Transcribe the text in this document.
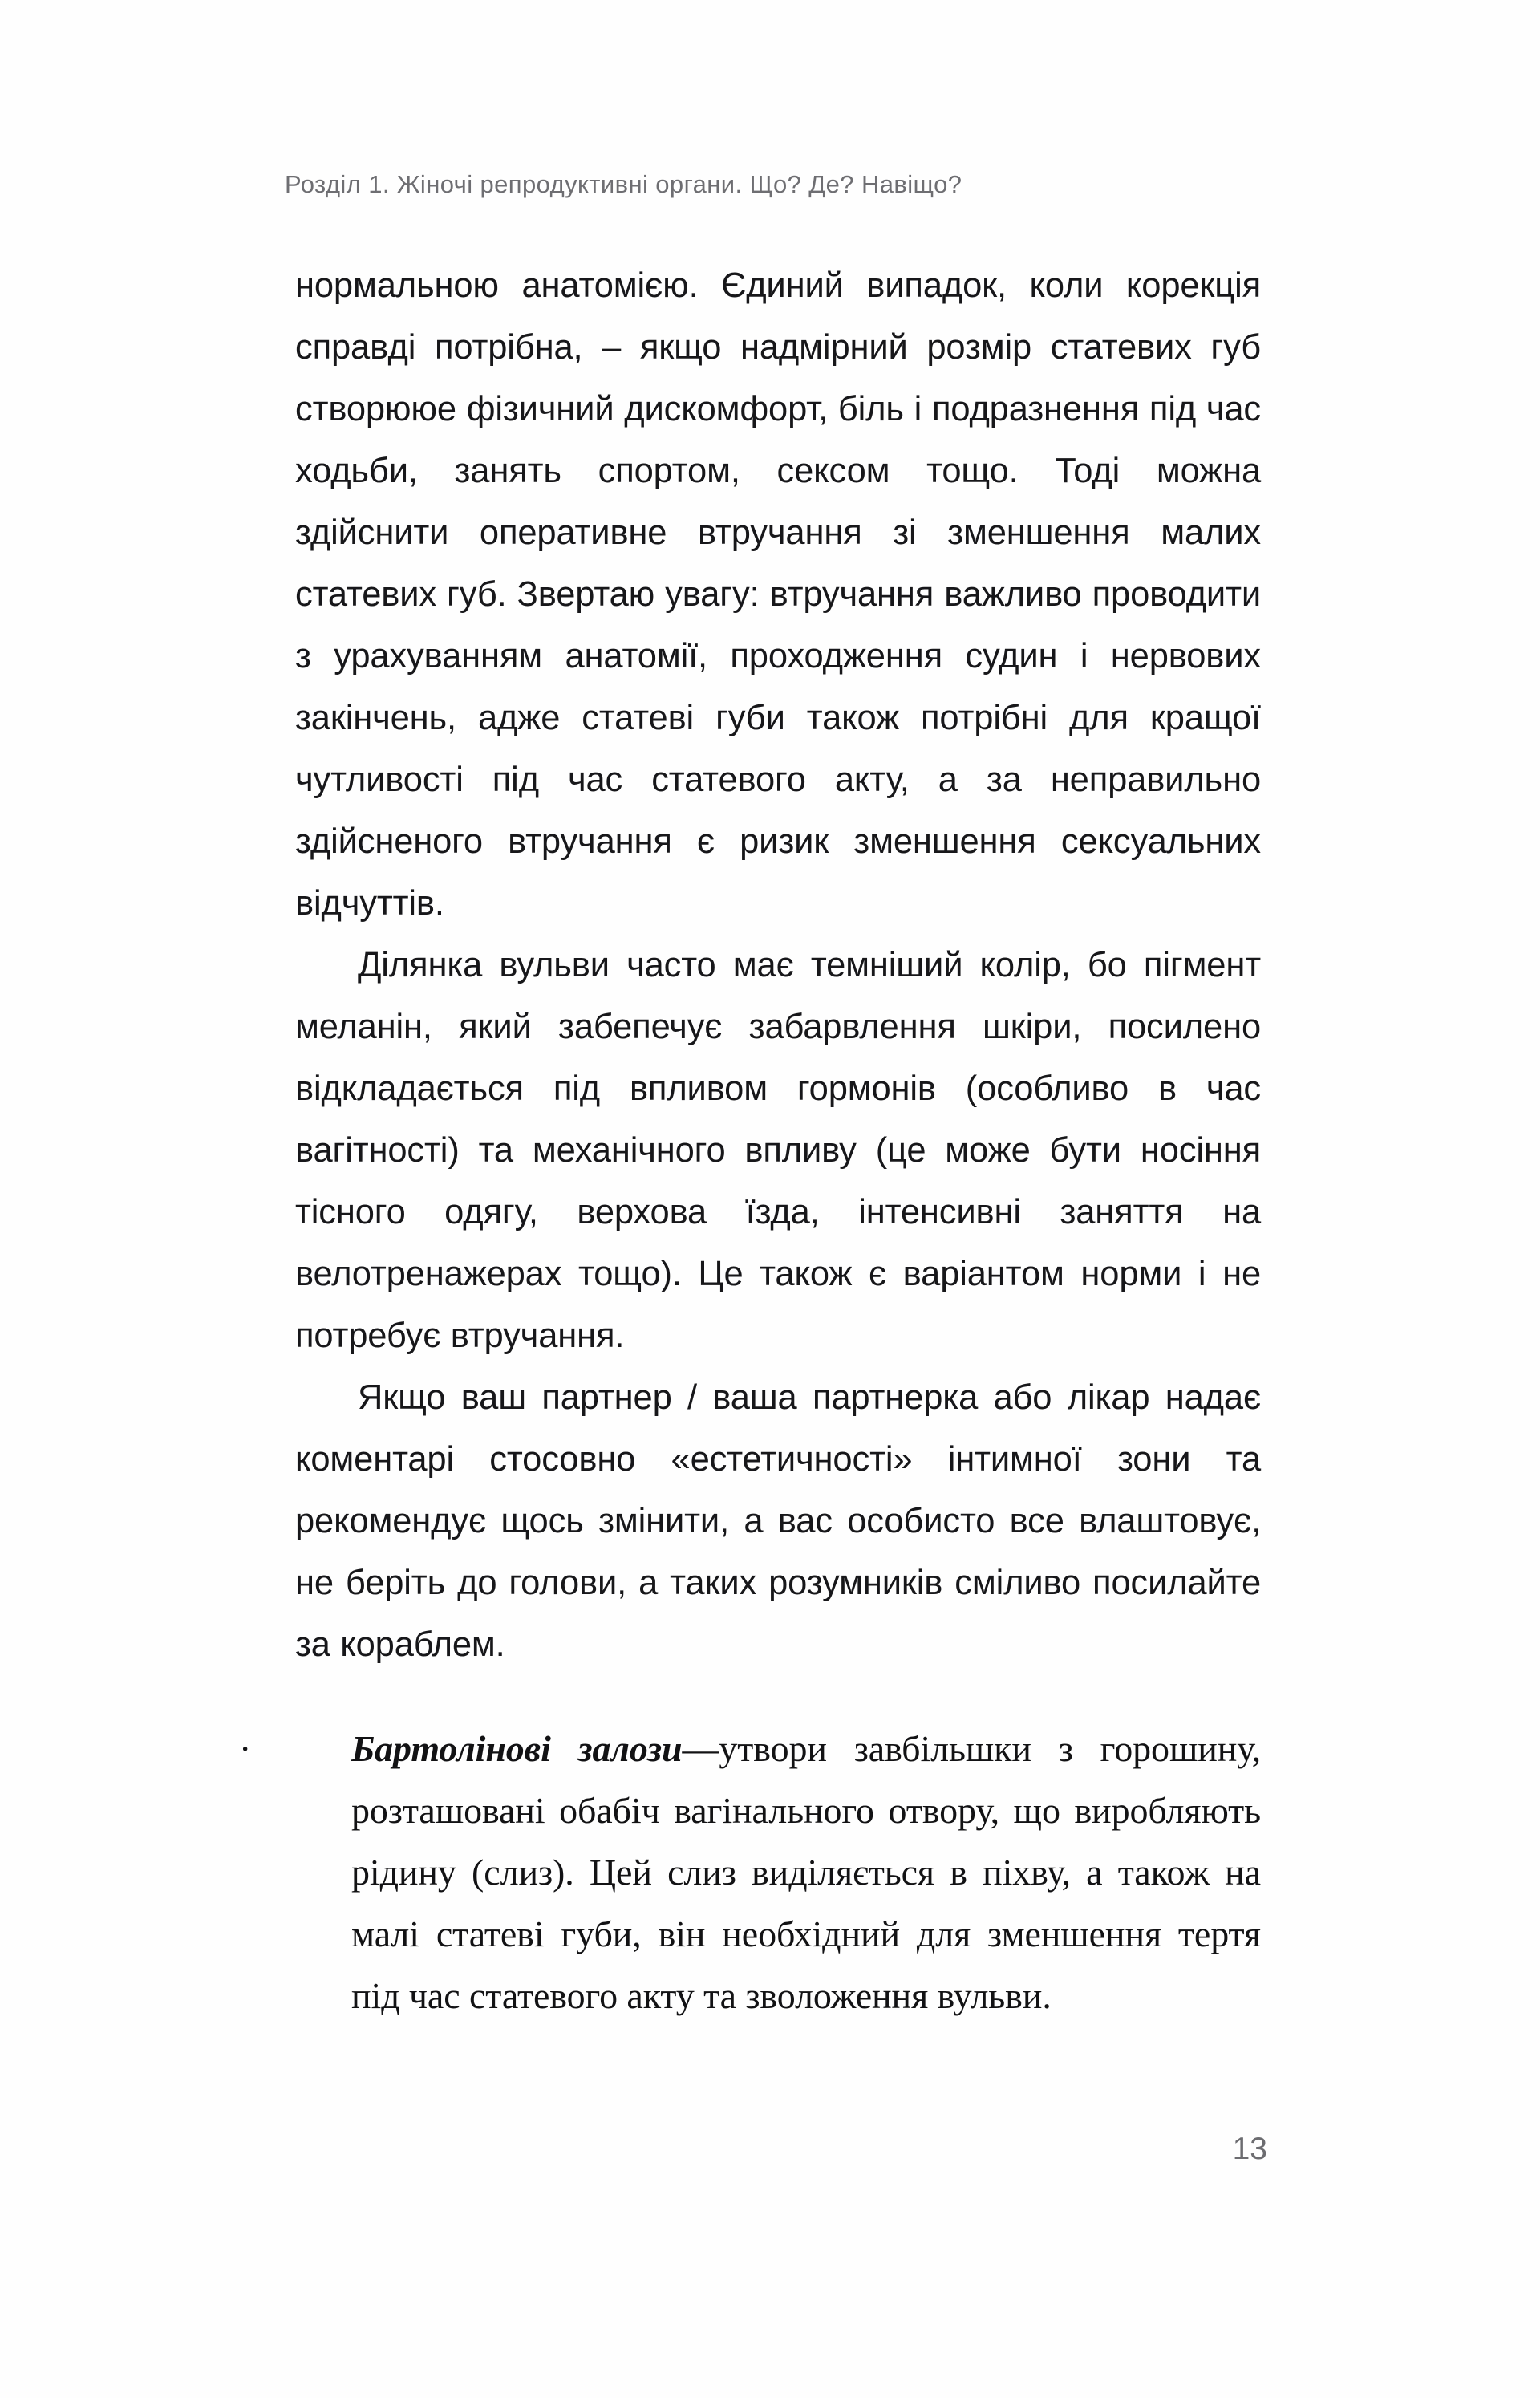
Розділ 1. Жіночі репродуктивні органи. Що? Де? Навіщо?

нормальною анатомією. Єдиний випадок, коли корекція справді потрібна, – якщо надмірний розмір статевих губ створююе фізичний дискомфорт, біль і подразнення під час ходьби, занять спортом, сексом тощо. Тоді можна здійснити оперативне втручання зі зменшення малих статевих губ. Звертаю увагу: втручання важливо проводити з урахуванням анатомії, проходження судин і нервових закінчень, адже статеві губи також потрібні для кращої чутливості під час статевого акту, а за неправильно здійсненого втручання є ризик зменшення сексуальних відчуттів.

Ділянка вульви часто має темніший колір, бо пігмент меланін, який забепечує забарвлення шкіри, посилено відкладається під впливом гормонів (особливо в час вагітності) та механічного впливу (це може бути носіння тісного одягу, верхова їзда, інтенсивні заняття на велотренажерах тощо). Це також є варіантом норми і не потребує втручання.

Якщо ваш партнер / ваша партнерка або лікар надає коментарі стосовно «естетичності» інтимної зони та рекомендує щось змінити, а вас особисто все влаштовує, не беріть до голови, а таких розумників сміливо посилайте за кораблем.

·	Бартолінові залози—утвори завбільшки з горошину, розташовані обабіч вагінального отвору, що виробляють рідину (слиз). Цей слиз виділяється в піхву, а також на малі статеві губи, він необхідний для зменшення тертя під час статевого акту та зволоження вульви.
13
